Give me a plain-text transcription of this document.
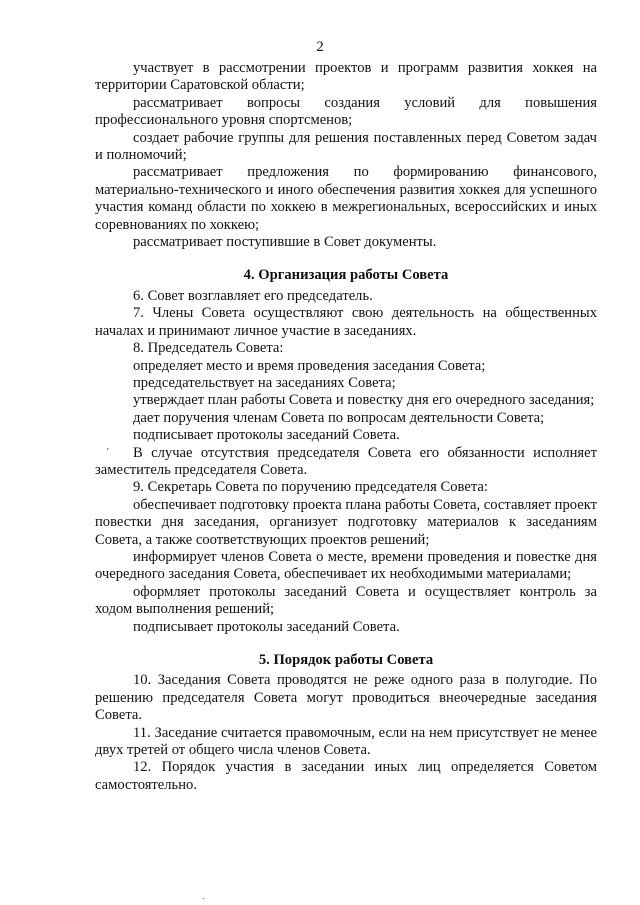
2

участвует в рассмотрении проектов и программ развития хоккея на территории Саратовской области;

рассматривает вопросы создания условий для повышения профессионального уровня спортсменов;

создает рабочие группы для решения поставленных перед Советом задач и полномочий;

рассматривает предложения по формированию финансового, материально-технического и иного обеспечения развития хоккея для успешного участия команд области по хоккею в межрегиональных, всероссийских и иных соревнованиях по хоккею;

рассматривает поступившие в Совет документы.

4. Организация работы Совета

6. Совет возглавляет его председатель.

7. Члены Совета осуществляют свою деятельность на общественных началах и принимают личное участие в заседаниях.

8. Председатель Совета:

определяет место и время проведения заседания Совета;

председательствует на заседаниях Совета;

утверждает план работы Совета и повестку дня его очередного заседания;

дает поручения членам Совета по вопросам деятельности Совета;

подписывает протоколы заседаний Совета.

В случае отсутствия председателя Совета его обязанности исполняет заместитель председателя Совета.

9. Секретарь Совета по поручению председателя Совета:

обеспечивает подготовку проекта плана работы Совета, составляет проект повестки дня заседания, организует подготовку материалов к заседаниям Совета, а также соответствующих проектов решений;

информирует членов Совета о месте, времени проведения и повестке дня очередного заседания Совета, обеспечивает их необходимыми материалами;

оформляет протоколы заседаний Совета и осуществляет контроль за ходом выполнения решений;

подписывает протоколы заседаний Совета.

5. Порядок работы Совета

10. Заседания Совета проводятся не реже одного раза в полугодие. По решению председателя Совета могут проводиться внеочередные заседания Совета.

11. Заседание считается правомочным, если на нем присутствует не менее двух третей от общего числа членов Совета.

12. Порядок участия в заседании иных лиц определяется Советом самостоятельно.

ʼ
ˎ
